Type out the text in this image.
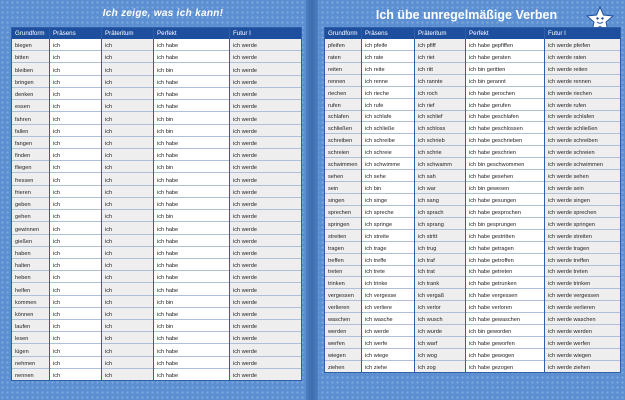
Ich zeige, was ich kann!
Grundform
biegen
bitten
bleiben
bringen
denken
essen
fahren
fallen
fangen
finden
fliegen
fressen
frieren
geben
gehen
gewinnen
gießen
haben
halten
heben
helfen
kommen
können
laufen
lesen
lügen
nehmen
nennen
Präsens
ich
ich
ich
ich
ich
ich
ich
ich
ich
ich
ich
ich
ich
ich
ich
ich
ich
ich
ich
ich
ich
ich
ich
ich
ich
ich
ich
ich
Präteritum
ich
ich
ich
ich
ich
ich
ich
ich
ich
ich
ich
ich
ich
ich
ich
ich
ich
ich
ich
ich
ich
ich
ich
ich
ich
ich
ich
ich
Perfekt
ich habe
ich habe
ich bin
ich habe
ich habe
ich habe
ich bin
ich bin
ich habe
ich habe
ich bin
ich habe
ich habe
ich habe
ich bin
ich habe
ich habe
ich habe
ich habe
ich habe
ich habe
ich bin
ich habe
ich bin
ich habe
ich habe
ich habe
ich habe
Futur I
ich werde
ich werde
ich werde
ich werde
ich werde
ich werde
ich werde
ich werde
ich werde
ich werde
ich werde
ich werde
ich werde
ich werde
ich werde
ich werde
ich werde
ich werde
ich werde
ich werde
ich werde
ich werde
ich werde
ich werde
ich werde
ich werde
ich werde
ich werde
Ich übe unregelmäßige Verben
Grundform
pfeifen
raten
reiten
rennen
riechen
rufen
schlafen
schließen
schreiben
schreien
schwimmen
sehen
sein
singen
sprechen
springen
streiten
tragen
treffen
treten
trinken
vergessen
verlieren
waschen
werden
werfen
wiegen
ziehen
Präsens
ich pfeife
ich rate
ich reite
ich renne
ich rieche
ich rufe
ich schlafe
ich schließe
ich schreibe
ich schreie
ich schwimme
ich sehe
ich bin
ich singe
ich spreche
ich springe
ich streite
ich trage
ich treffe
ich trete
ich trinke
ich vergesse
ich verliere
ich wasche
ich werde
ich werfe
ich wiege
ich ziehe
Präteritum
ich pfiff
ich riet
ich ritt
ich rannte
ich roch
ich rief
ich schlief
ich schloss
ich schrieb
ich schrie
ich schwamm
ich sah
ich war
ich sang
ich sprach
ich sprang
ich stritt
ich trug
ich traf
ich trat
ich trank
ich vergaß
ich verlor
ich wusch
ich wurde
ich warf
ich wog
ich zog
Perfekt
ich habe gepfiffen
ich habe geraten
ich bin geritten
ich bin gerannt
ich habe gerochen
ich habe gerufen
ich habe geschlafen
ich habe geschlossen
ich habe geschrieben
ich habe geschrien
ich bin geschwommen
ich habe gesehen
ich bin gewesen
ich habe gesungen
ich habe gesprochen
ich bin gesprungen
ich habe gestritten
ich habe getragen
ich habe getroffen
ich habe getreten
ich habe getrunken
ich habe vergessen
ich habe verloren
ich habe gewaschen
ich bin geworden
ich habe geworfen
ich habe gewogen
ich habe gezogen
Futur I
ich werde pfeifen
ich werde raten
ich werde reiten
ich werde rennen
ich werde riechen
ich werde rufen
ich werde schlafen
ich werde schließen
ich werde schreiben
ich werde schreien
ich werde schwimmen
ich werde sehen
ich werde sein
ich werde singen
ich werde sprechen
ich werde springen
ich werde streiten
ich werde tragen
ich werde treffen
ich werde treten
ich werde trinken
ich werde vergessen
ich werde verlieren
ich werde waschen
ich werde werden
ich werde werfen
ich werde wiegen
ich werde ziehen
